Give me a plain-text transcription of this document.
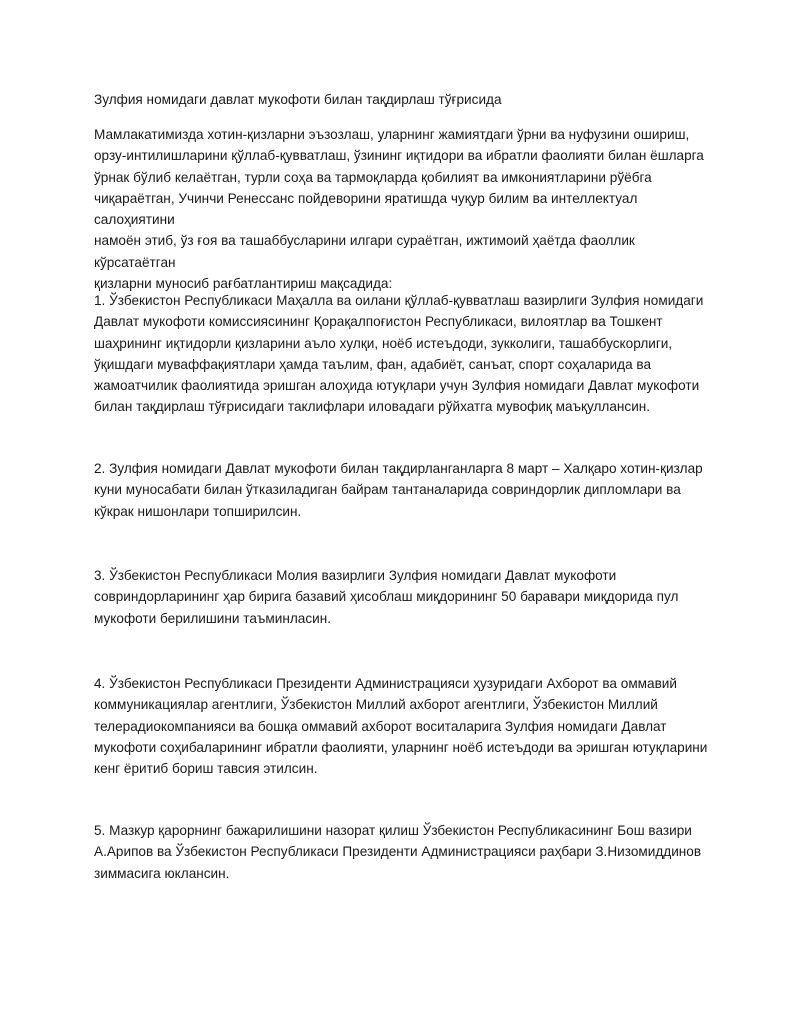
Зулфия номидаги давлат мукофоти билан тақдирлаш тўғрисида

Мамлакатимизда хотин-қизларни эъзозлаш, уларнинг жамиятдаги ўрни ва нуфузини ошириш,
орзу-интилишларини қўллаб-қувватлаш, ўзининг иқтидори ва ибратли фаолияти билан ёшларга
ўрнак бўлиб келаётган, турли соҳа ва тармоқларда қобилият ва имкониятларини рўёбга
чиқараётган, Учинчи Ренессанс пойдеворини яратишда чуқур билим ва интеллектуал салоҳиятини
намоён этиб, ўз ғоя ва ташаббусларини илгари сураётган, ижтимоий ҳаётда фаоллик кўрсатаётган
қизларни муносиб рағбатлантириш мақсадида:

1. Ўзбекистон Республикаси Маҳалла ва оилани қўллаб-қувватлаш вазирлиги Зулфия номидаги
Давлат мукофоти комиссиясининг Қорақалпоғистон Республикаси, вилоятлар ва Тошкент
шаҳрининг иқтидорли қизларини аъло хулқи, ноёб истеъдоди, зукколиги, ташаббускорлиги,
ўқишдаги муваффақиятлари ҳамда таълим, фан, адабиёт, санъат, спорт соҳаларида ва
жамоатчилик фаолиятида эришган алоҳида ютуқлари учун Зулфия номидаги Давлат мукофоти
билан тақдирлаш тўғрисидаги таклифлари иловадаги рўйхатга мувофиқ маъқуллансин.

2. Зулфия номидаги Давлат мукофоти билан тақдирланганларга 8 март – Халқаро хотин-қизлар
куни муносабати билан ўтказиладиган байрам тантаналарида совриндорлик дипломлари ва
кўкрак нишонлари топширилсин.

3. Ўзбекистон Республикаси Молия вазирлиги Зулфия номидаги Давлат мукофоти
совриндорларининг ҳар бирига базавий ҳисоблаш миқдорининг 50 баравари миқдорида пул
мукофоти берилишини таъминласин.

4. Ўзбекистон Республикаси Президенти Администрацияси ҳузуридаги Ахборот ва оммавий
коммуникациялар агентлиги, Ўзбекистон Миллий ахборот агентлиги, Ўзбекистон Миллий
телерадиокомпанияси ва бошқа оммавий ахборот воситаларига Зулфия номидаги Давлат
мукофоти соҳибаларининг ибратли фаолияти, уларнинг ноёб истеъдоди ва эришган ютуқларини
кенг ёритиб бориш тавсия этилсин.

5. Мазкур қарорнинг бажарилишини назорат қилиш Ўзбекистон Республикасининг Бош вазири
А.Арипов ва Ўзбекистон Республикаси Президенти Администрацияси раҳбари З.Низомиддинов
зиммасига юклансин.
